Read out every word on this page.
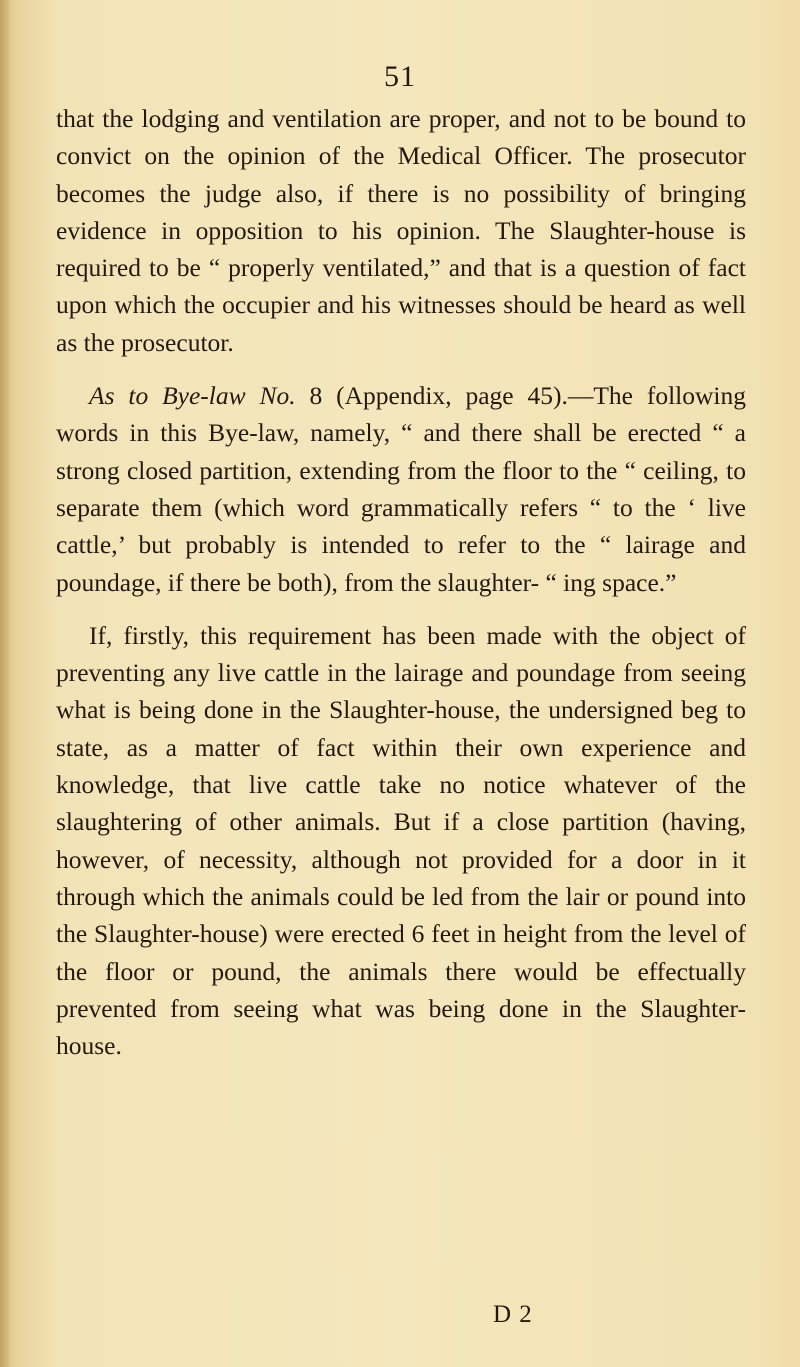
51

that the lodging and ventilation are proper, and not to be bound to convict on the opinion of the Medical Officer. The prosecutor becomes the judge also, if there is no possibility of bringing evidence in opposition to his opinion. The Slaughter-house is required to be “ properly ventilated,” and that is a question of fact upon which the occupier and his witnesses should be heard as well as the prosecutor.

As to Bye-law No. 8 (Appendix, page 45).—The following words in this Bye-law, namely, “ and there shall be erected “ a strong closed partition, extending from the floor to the “ ceiling, to separate them (which word grammatically refers “ to the ‘ live cattle,’ but probably is intended to refer to the “ lairage and poundage, if there be both), from the slaughter- “ ing space.”

If, firstly, this requirement has been made with the object of preventing any live cattle in the lairage and poundage from seeing what is being done in the Slaughter-house, the undersigned beg to state, as a matter of fact within their own experience and knowledge, that live cattle take no notice whatever of the slaughtering of other animals. But if a close partition (having, however, of necessity, although not provided for a door in it through which the animals could be led from the lair or pound into the Slaughter-house) were erected 6 feet in height from the level of the floor or pound, the animals there would be effectually prevented from seeing what was being done in the Slaughter-house.

D 2
